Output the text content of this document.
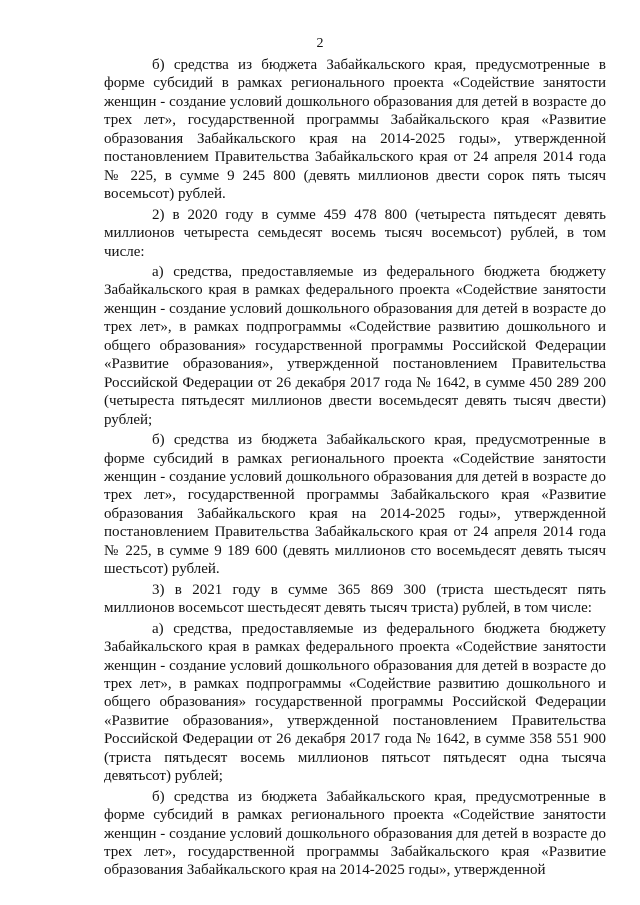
2

б) средства из бюджета Забайкальского края, предусмотренные в форме субсидий в рамках регионального проекта «Содействие занятости женщин - создание условий дошкольного образования для детей в возрасте до трех лет», государственной программы Забайкальского края «Развитие образования Забайкальского края на 2014-2025 годы», утвержденной постановлением Правительства Забайкальского края от 24 апреля 2014 года № 225, в сумме 9 245 800 (девять миллионов двести сорок пять тысяч восемьсот) рублей.

2) в 2020 году в сумме 459 478 800 (четыреста пятьдесят девять миллионов четыреста семьдесят восемь тысяч восемьсот) рублей, в том числе:

а) средства, предоставляемые из федерального бюджета бюджету Забайкальского края в рамках федерального проекта «Содействие занятости женщин - создание условий дошкольного образования для детей в возрасте до трех лет», в рамках подпрограммы «Содействие развитию дошкольного и общего образования» государственной программы Российской Федерации «Развитие образования», утвержденной постановлением Правительства Российской Федерации от 26 декабря 2017 года № 1642, в сумме 450 289 200 (четыреста пятьдесят миллионов двести восемьдесят девять тысяч двести) рублей;

б) средства из бюджета Забайкальского края, предусмотренные в форме субсидий в рамках регионального проекта «Содействие занятости женщин - создание условий дошкольного образования для детей в возрасте до трех лет», государственной программы Забайкальского края «Развитие образования Забайкальского края на 2014-2025 годы», утвержденной постановлением Правительства Забайкальского края от 24 апреля 2014 года № 225, в сумме 9 189 600 (девять миллионов сто восемьдесят девять тысяч шестьсот) рублей.

3) в 2021 году в сумме 365 869 300 (триста шестьдесят пять миллионов восемьсот шестьдесят девять тысяч триста) рублей, в том числе:

а) средства, предоставляемые из федерального бюджета бюджету Забайкальского края в рамках федерального проекта «Содействие занятости женщин - создание условий дошкольного образования для детей в возрасте до трех лет», в рамках подпрограммы «Содействие развитию дошкольного и общего образования» государственной программы Российской Федерации «Развитие образования», утвержденной постановлением Правительства Российской Федерации от 26 декабря 2017 года № 1642, в сумме 358 551 900 (триста пятьдесят восемь миллионов пятьсот пятьдесят одна тысяча девятьсот) рублей;

б) средства из бюджета Забайкальского края, предусмотренные в форме субсидий в рамках регионального проекта «Содействие занятости женщин - создание условий дошкольного образования для детей в возрасте до трех лет», государственной программы Забайкальского края «Развитие образования Забайкальского края на 2014-2025 годы», утвержденной
